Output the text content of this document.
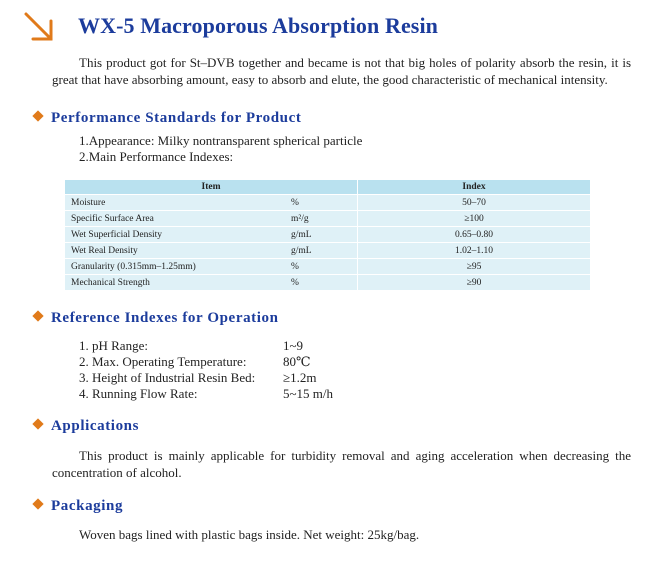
WX-5 Macroporous Absorption Resin

This product got for St–DVB together and became is not that big holes of polarity absorb the resin, it is great that have absorbing amount, easy to absorb and elute, the good characteristic of mechanical intensity.

Performance Standards for Product

1.Appearance: Milky nontransparent spherical particle

2.Main Performance Indexes:

Item	Index

Moisture %	50–70

Specific Surface Area m²/g	≥100

Wet Superficial Density g/mL	0.65–0.80

Wet Real Density g/mL	1.02–1.10

Granularity (0.315mm–1.25mm) %	≥95

Mechanical Strength %	≥90
Reference Indexes for Operation
1. pH Range:	1~9
2. Max. Operating Temperature:	80℃
3. Height of Industrial Resin Bed:	≥1.2m
4. Running Flow Rate:	5~15 m/h
Applications

This product is mainly applicable for turbidity removal and aging acceleration when decreasing the concentration of alcohol.

Packaging

Woven bags lined with plastic bags inside. Net weight: 25kg/bag.
